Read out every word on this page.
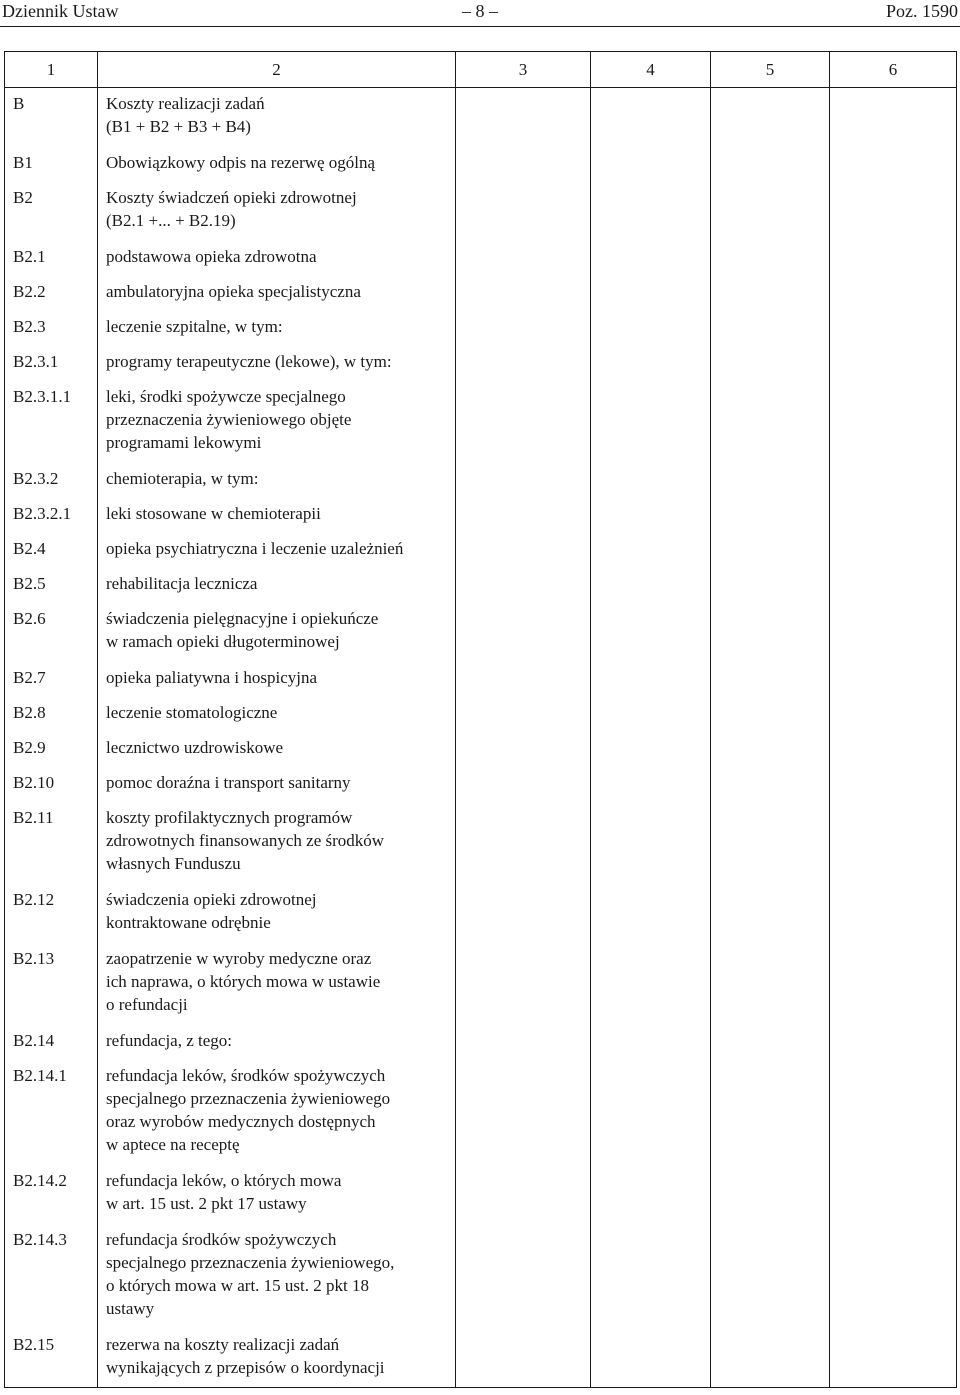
Dziennik Ustaw	– 8 –	Poz. 1590
1	2	3	4	5	6

B	Koszty realizacji zadań
(B1 + B2 + B3 + B4)				

B1	Obowiązkowy odpis na rezerwę ogólną				

B2	Koszty świadczeń opieki zdrowotnej
(B2.1 +... + B2.19)				

B2.1	podstawowa opieka zdrowotna				

B2.2	ambulatoryjna opieka specjalistyczna				

B2.3	leczenie szpitalne, w tym:				

B2.3.1	programy terapeutyczne (lekowe), w tym:				

B2.3.1.1	leki, środki spożywcze specjalnego
przeznaczenia żywieniowego objęte
programami lekowymi				

B2.3.2	chemioterapia, w tym:				

B2.3.2.1	leki stosowane w chemioterapii				

B2.4	opieka psychiatryczna i leczenie uzależnień				

B2.5	rehabilitacja lecznicza				

B2.6	świadczenia pielęgnacyjne i opiekuńcze
w ramach opieki długoterminowej				

B2.7	opieka paliatywna i hospicyjna				

B2.8	leczenie stomatologiczne				

B2.9	lecznictwo uzdrowiskowe				

B2.10	pomoc doraźna i transport sanitarny				

B2.11	koszty profilaktycznych programów
zdrowotnych finansowanych ze środków
własnych Funduszu				

B2.12	świadczenia opieki zdrowotnej
kontraktowane odrębnie				

B2.13	zaopatrzenie w wyroby medyczne oraz
ich naprawa, o których mowa w ustawie
o refundacji				

B2.14	refundacja, z tego:				

B2.14.1	refundacja leków, środków spożywczych
specjalnego przeznaczenia żywieniowego
oraz wyrobów medycznych dostępnych
w aptece na receptę				

B2.14.2	refundacja leków, o których mowa
w art. 15 ust. 2 pkt 17 ustawy				

B2.14.3	refundacja środków spożywczych
specjalnego przeznaczenia żywieniowego,
o których mowa w art. 15 ust. 2 pkt 18
ustawy				

B2.15	rezerwa na koszty realizacji zadań
wynikających z przepisów o koordynacji				
